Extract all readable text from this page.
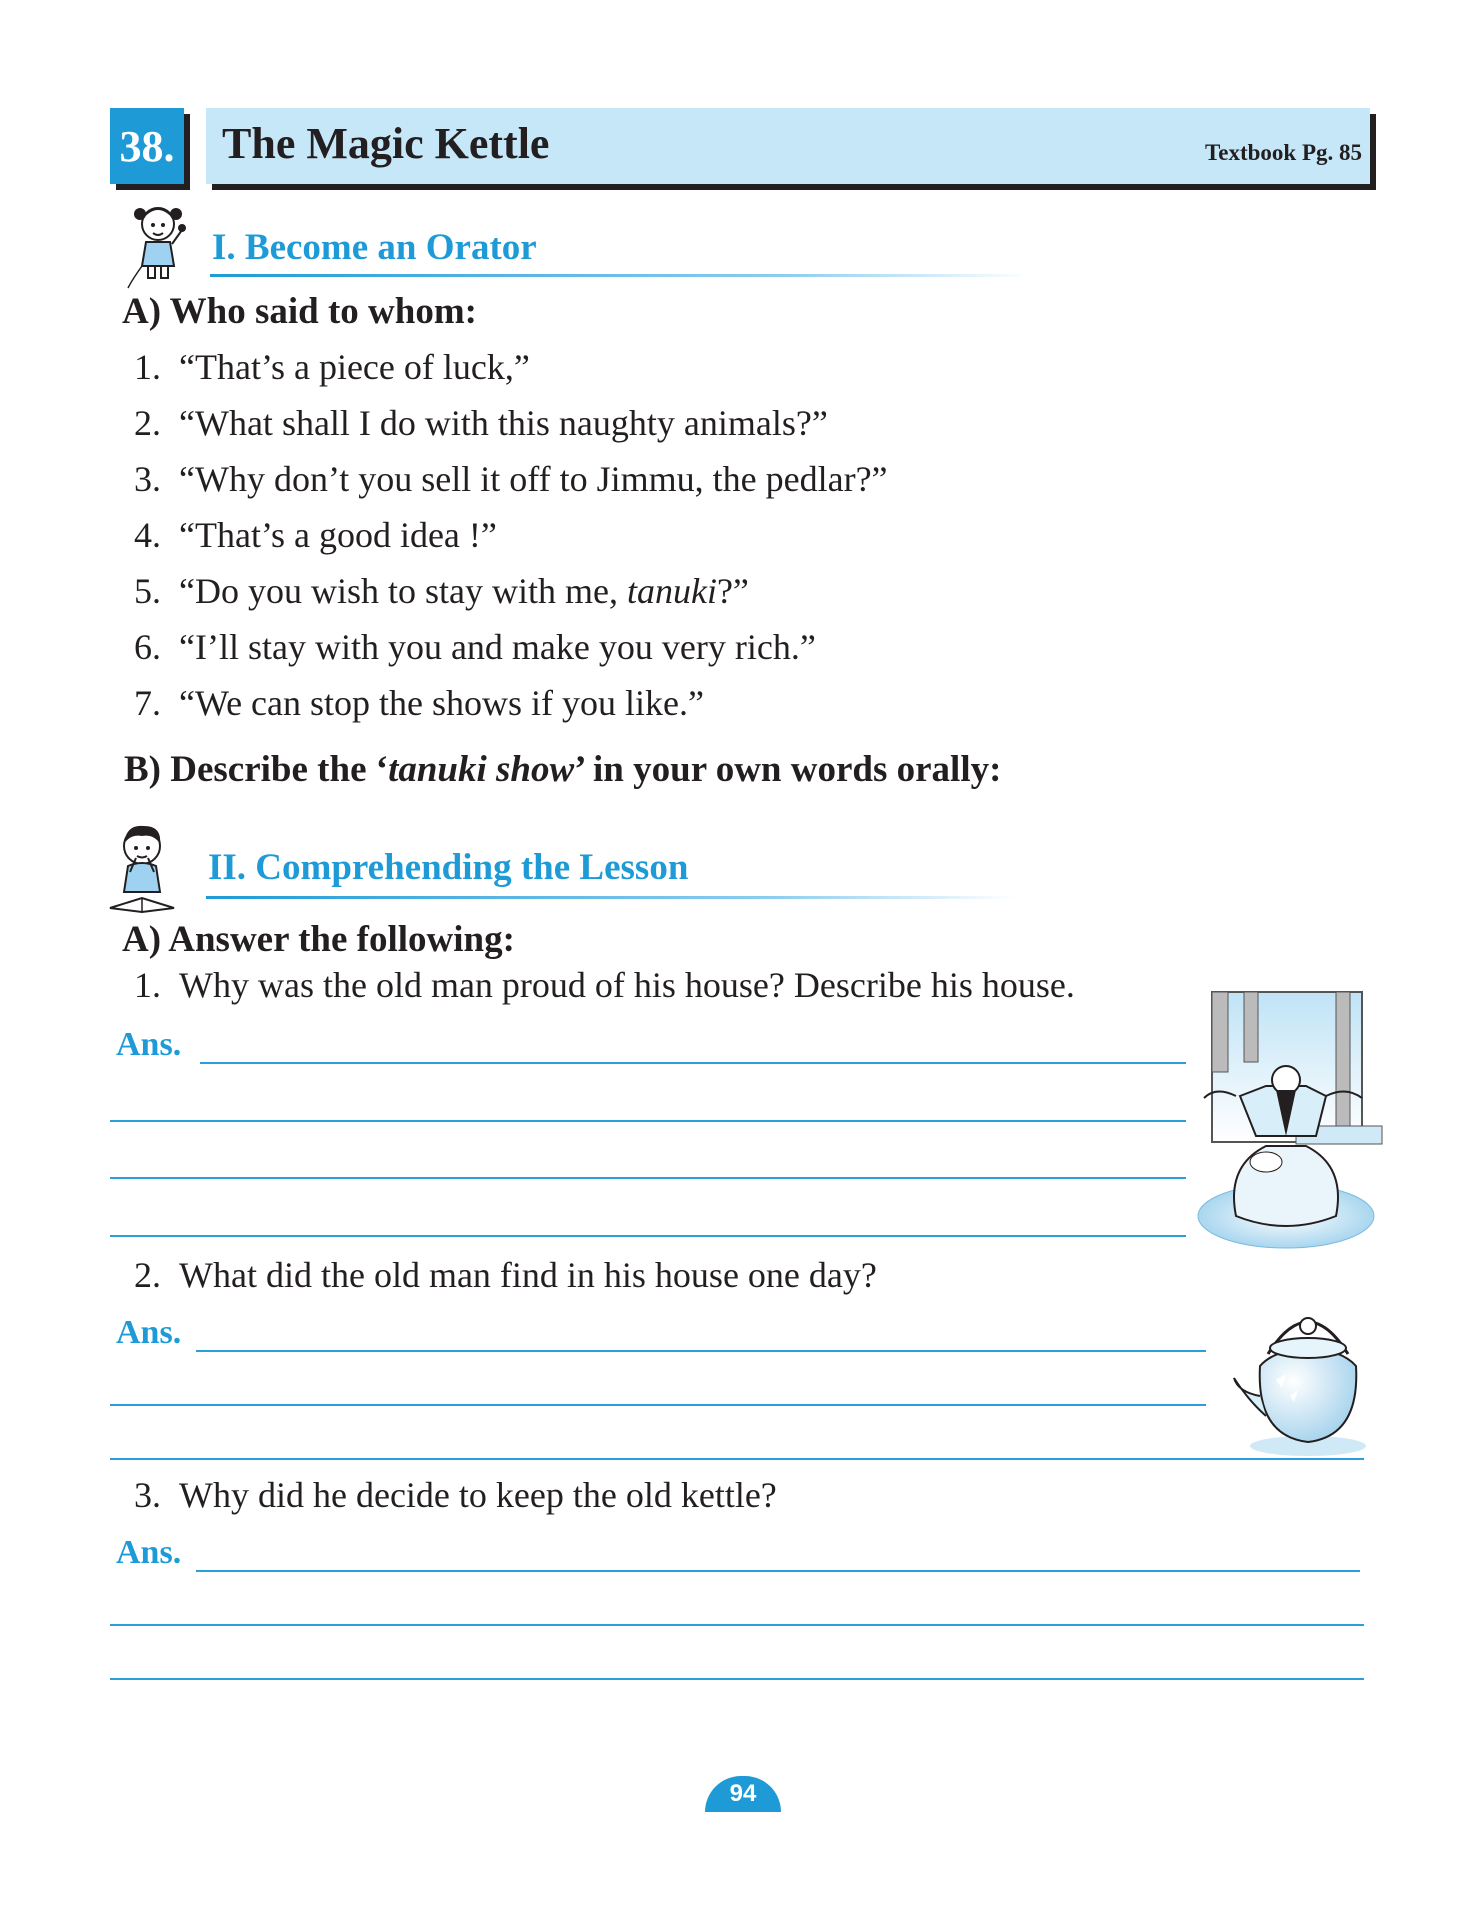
38. The Magic Kettle	Textbook Pg. 85
I. Become an Orator
A) Who said to whom:
1. “That’s a piece of luck,”
2. “What shall I do with this naughty animals?”
3. “Why don’t you sell it off to Jimmu, the pedlar?”
4. “That’s a good idea !”
5. “Do you wish to stay with me, tanuki?”
6. “I’ll stay with you and make you very rich.”
7. “We can stop the shows if you like.”
B) Describe the ‘tanuki show’ in your own words orally:
II. Comprehending the Lesson
A) Answer the following:
1. Why was the old man proud of his house? Describe his house.
Ans.
2. What did the old man find in his house one day?
Ans.
3. Why did he decide to keep the old kettle?
Ans.
94
